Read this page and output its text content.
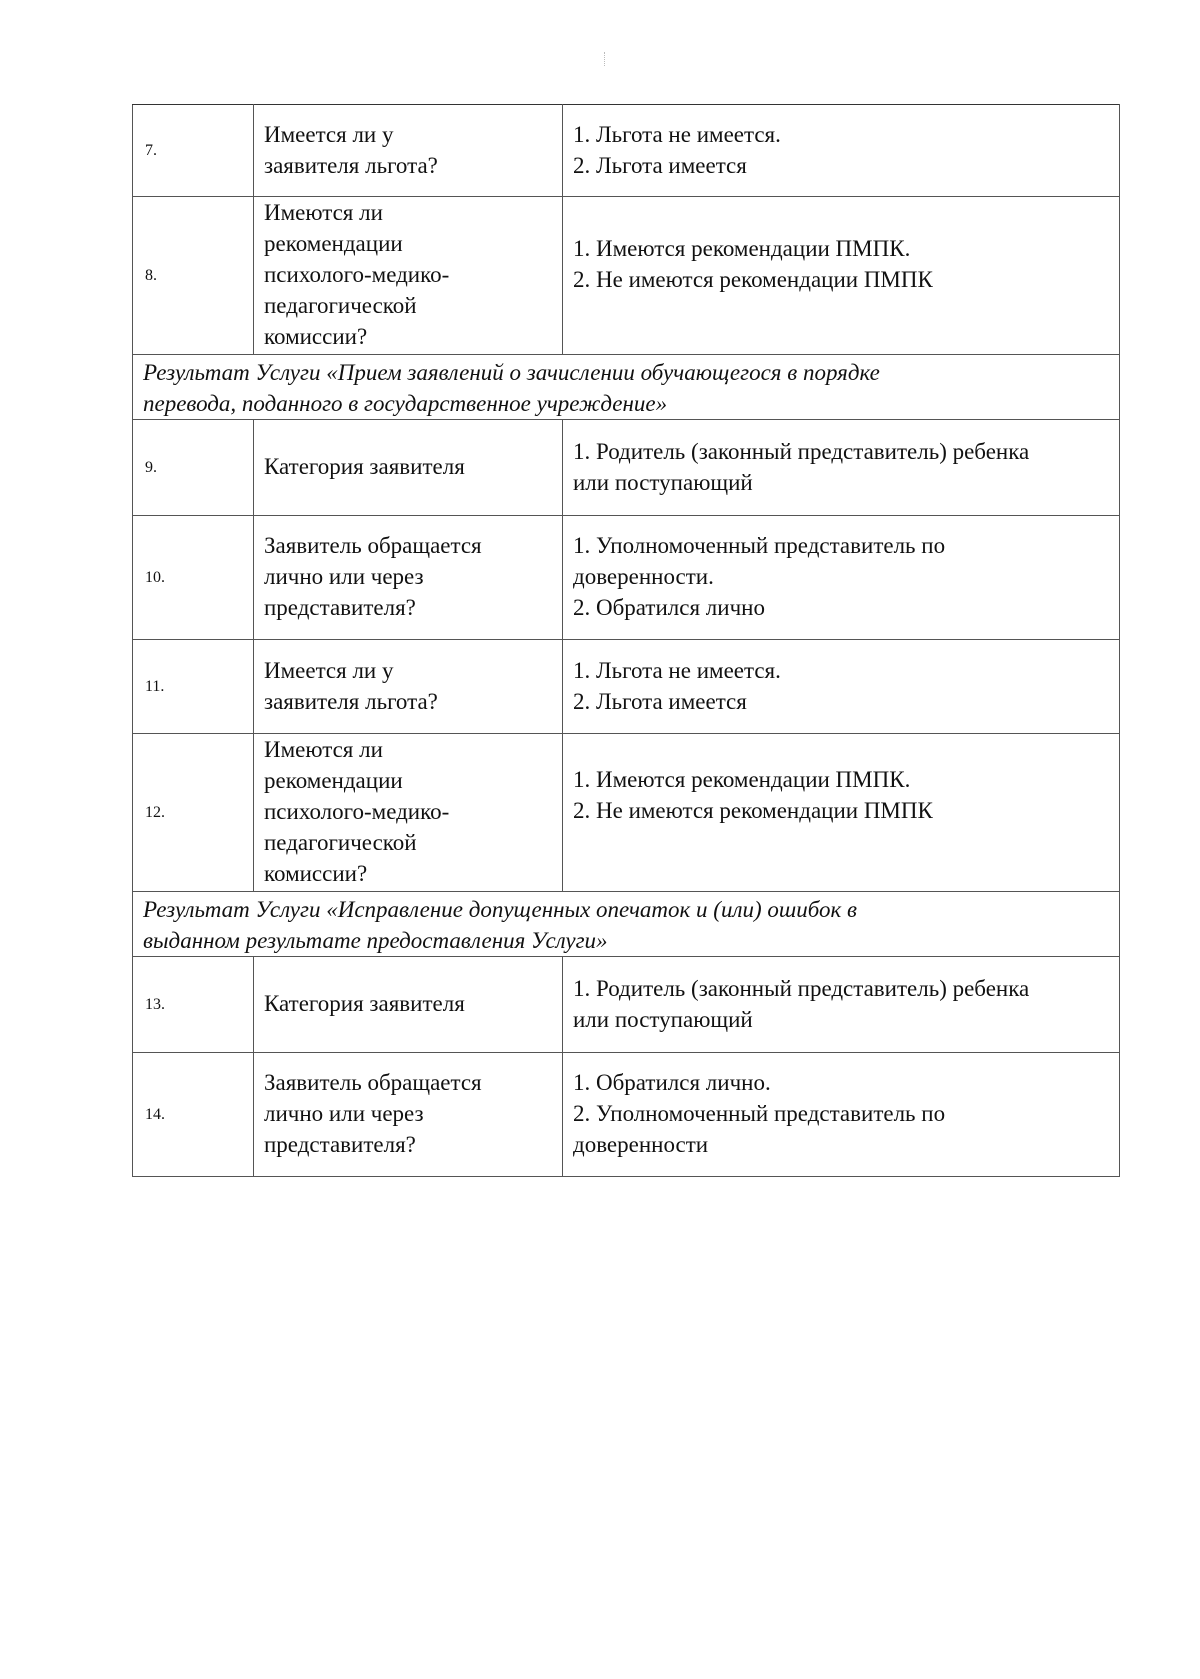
7.	Имеется ли у
заявителя льгота?	1. Льгота не имеется.
2. Льгота имеется

8.	Имеются ли
рекомендации
психолого-медико-
педагогической
комиссии?	1. Имеются рекомендации ПМПК.
2. Не имеются рекомендации ПМПК

Результат Услуги «Прием заявлений о зачислении обучающегося в порядке
перевода, поданного в государственное учреждение»		

9.	Категория заявителя	1. Родитель (законный представитель) ребенка
или поступающий

10.	Заявитель обращается
лично или через
представителя?	1. Уполномоченный представитель по
доверенности.
2. Обратился лично

11.	Имеется ли у
заявителя льгота?	1. Льгота не имеется.
2. Льгота имеется

12.	Имеются ли
рекомендации
психолого-медико-
педагогической
комиссии?	1. Имеются рекомендации ПМПК.
2. Не имеются рекомендации ПМПК

Результат Услуги «Исправление допущенных опечаток и (или) ошибок в
выданном результате предоставления Услуги»		

13.	Категория заявителя	1. Родитель (законный представитель) ребенка
или поступающий

14.	Заявитель обращается
лично или через
представителя?	1. Обратился лично.
2. Уполномоченный представитель по
доверенности
